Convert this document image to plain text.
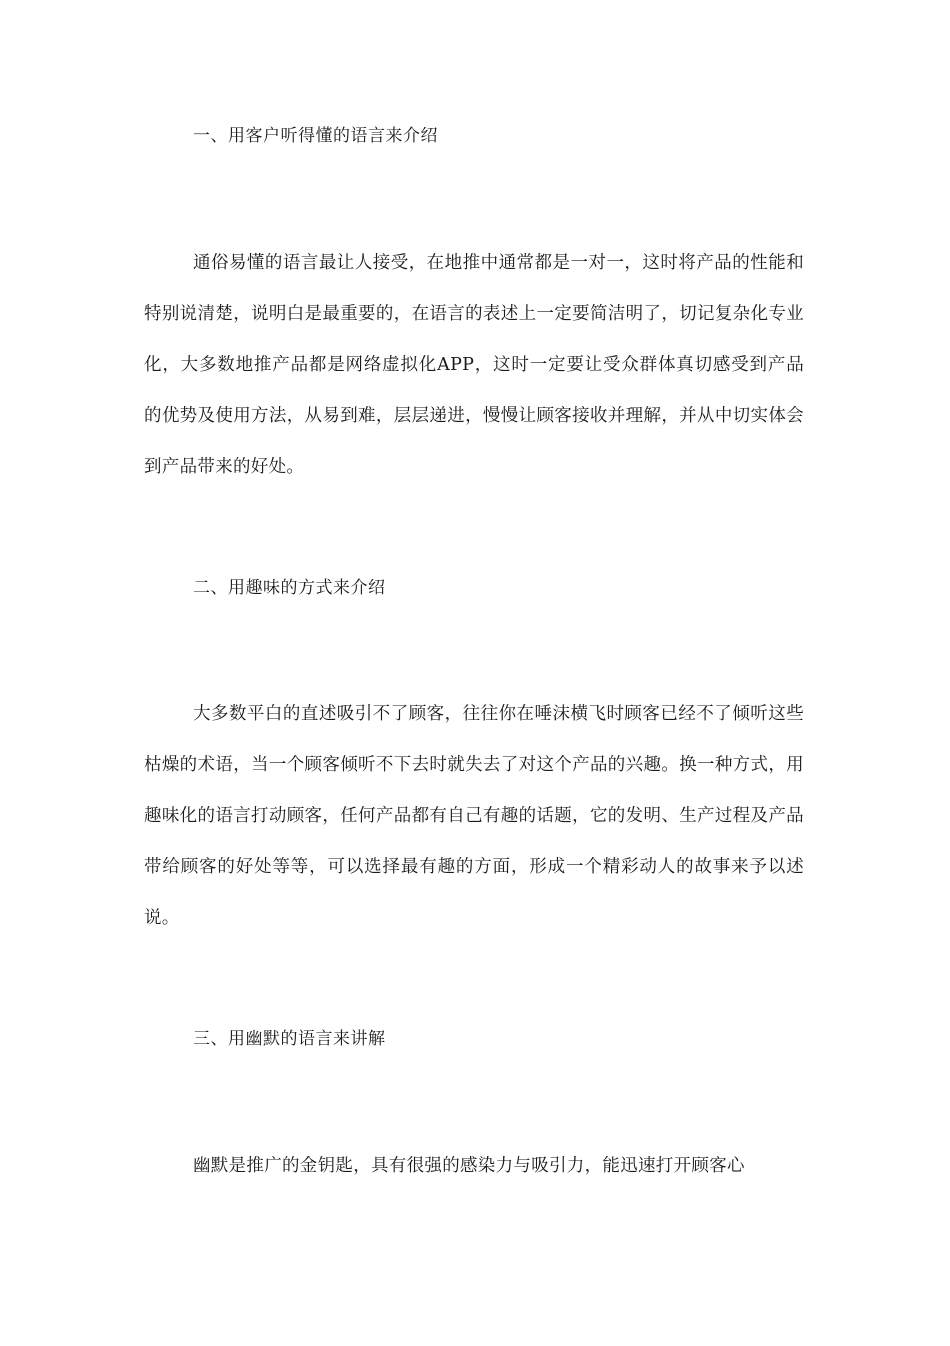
一、用客户听得懂的语言来介绍
通俗易懂的语言最让人接受，在地推中通常都是一对一，这时将产品的性能和特别说清楚，说明白是最重要的，在语言的表述上一定要简洁明了，切记复杂化专业化，大多数地推产品都是网络虚拟化APP，这时一定要让受众群体真切感受到产品的优势及使用方法，从易到难，层层递进，慢慢让顾客接收并理解，并从中切实体会到产品带来的好处。
二、用趣味的方式来介绍
大多数平白的直述吸引不了顾客，往往你在唾沫横飞时顾客已经不了倾听这些枯燥的术语，当一个顾客倾听不下去时就失去了对这个产品的兴趣。换一种方式，用趣味化的语言打动顾客，任何产品都有自己有趣的话题，它的发明、生产过程及产品带给顾客的好处等等，可以选择最有趣的方面，形成一个精彩动人的故事来予以述说。
三、用幽默的语言来讲解
幽默是推广的金钥匙，具有很强的感染力与吸引力，能迅速打开顾客心
